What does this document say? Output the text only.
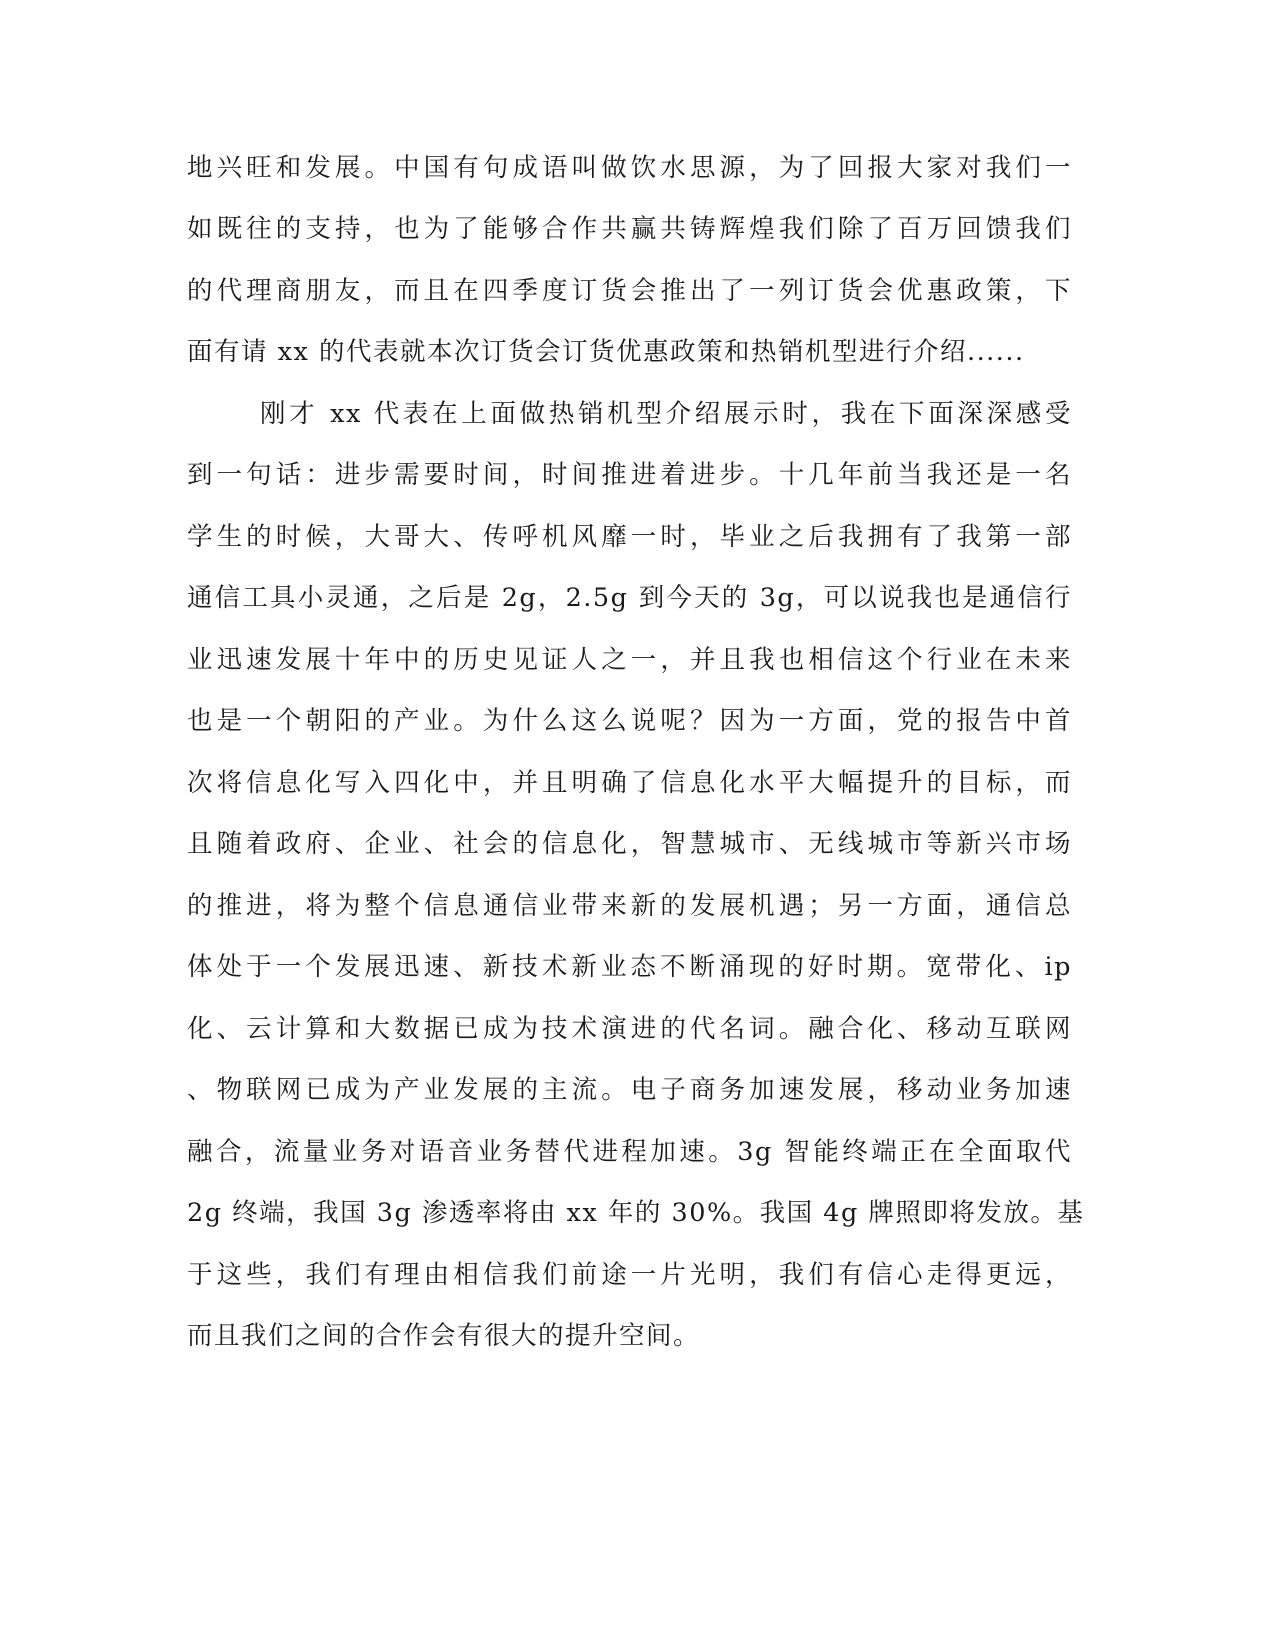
地兴旺和发展。中国有句成语叫做饮水思源，为了回报大家对我们一
如既往的支持，也为了能够合作共赢共铸辉煌我们除了百万回馈我们
的代理商朋友，而且在四季度订货会推出了一列订货会优惠政策，下
面有请 xx 的代表就本次订货会订货优惠政策和热销机型进行介绍......
刚才 xx 代表在上面做热销机型介绍展示时，我在下面深深感受
到一句话：进步需要时间，时间推进着进步。十几年前当我还是一名
学生的时候，大哥大、传呼机风靡一时，毕业之后我拥有了我第一部
通信工具小灵通，之后是 2g，2.5g 到今天的 3g，可以说我也是通信行
业迅速发展十年中的历史见证人之一，并且我也相信这个行业在未来
也是一个朝阳的产业。为什么这么说呢？因为一方面，党的报告中首
次将信息化写入四化中，并且明确了信息化水平大幅提升的目标，而
且随着政府、企业、社会的信息化，智慧城市、无线城市等新兴市场
的推进，将为整个信息通信业带来新的发展机遇；另一方面，通信总
体处于一个发展迅速、新技术新业态不断涌现的好时期。宽带化、ip
化、云计算和大数据已成为技术演进的代名词。融合化、移动互联网
、物联网已成为产业发展的主流。电子商务加速发展，移动业务加速
融合，流量业务对语音业务替代进程加速。3g 智能终端正在全面取代
2g 终端，我国 3g 渗透率将由 xx 年的 30%。我国 4g 牌照即将发放。基
于这些，我们有理由相信我们前途一片光明，我们有信心走得更远，
而且我们之间的合作会有很大的提升空间。
